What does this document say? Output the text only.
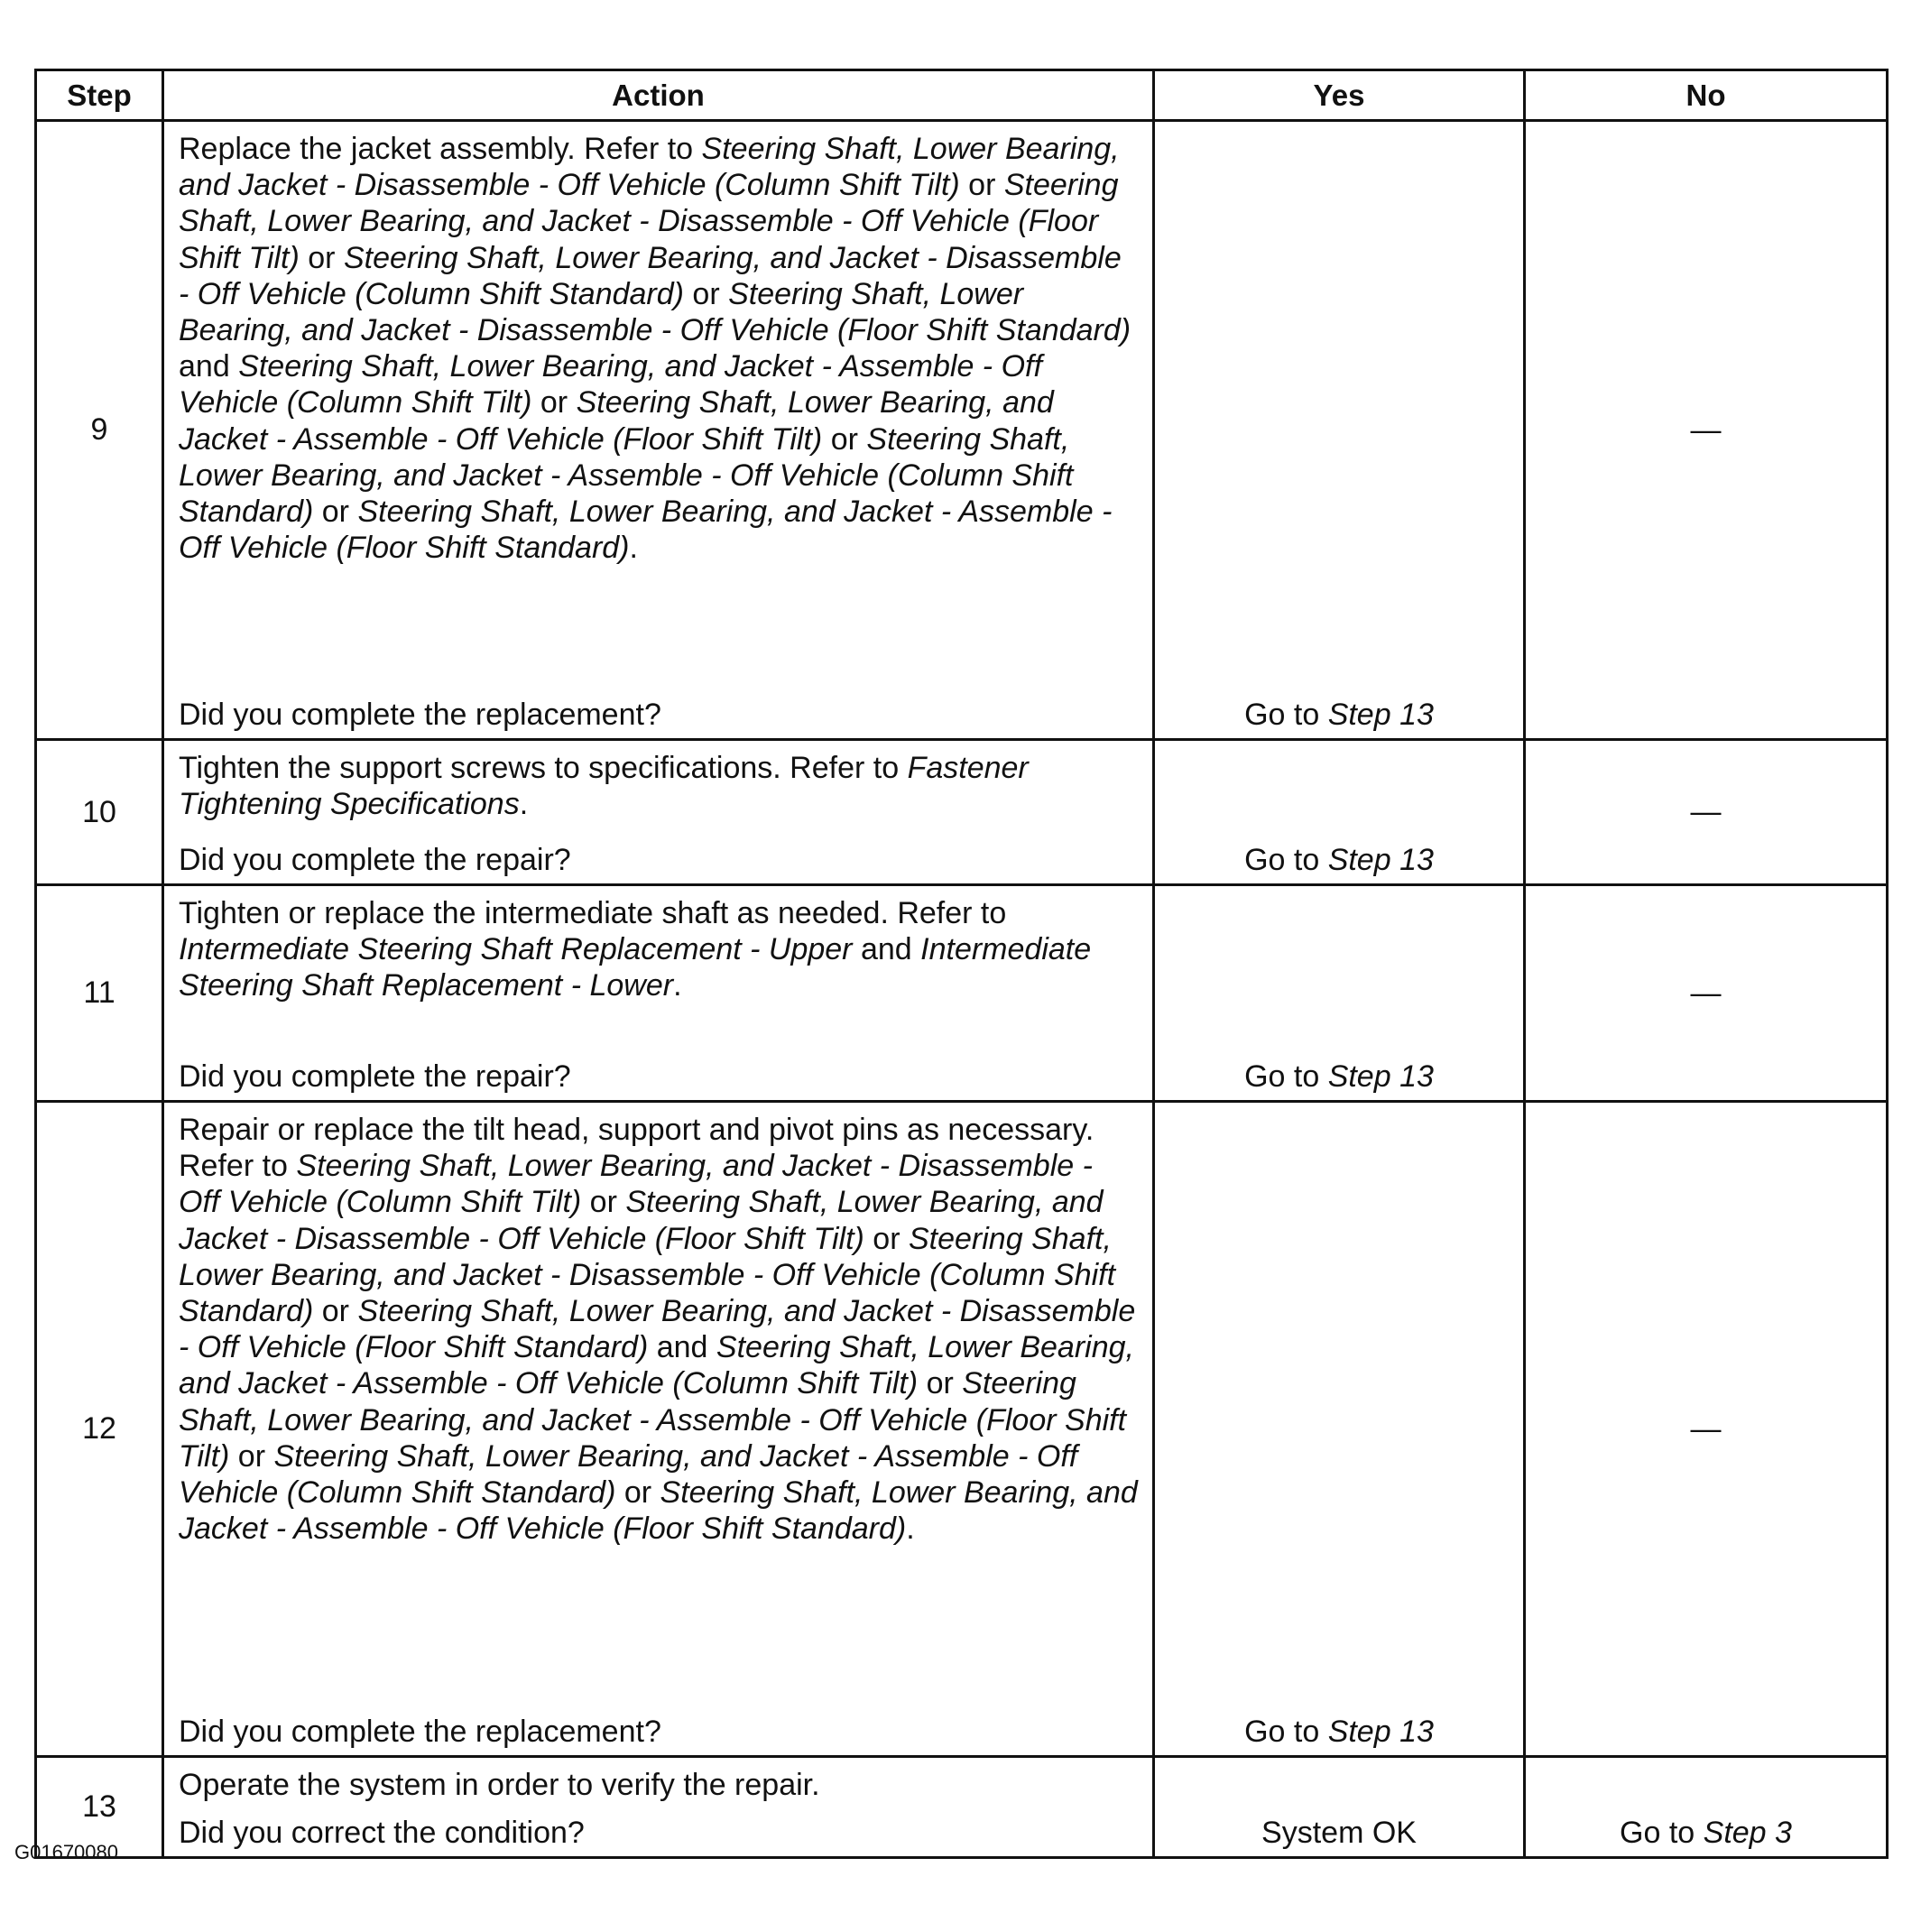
Step	Action	Yes	No
9	Replace the jacket assembly. Refer to Steering Shaft, Lower Bearing, and Jacket - Disassemble - Off Vehicle (Column Shift Tilt) or Steering Shaft, Lower Bearing, and Jacket - Disassemble - Off Vehicle (Floor Shift Tilt) or Steering Shaft, Lower Bearing, and Jacket - Disassemble - Off Vehicle (Column Shift Standard) or Steering Shaft, Lower Bearing, and Jacket - Disassemble - Off Vehicle (Floor Shift Standard) and Steering Shaft, Lower Bearing, and Jacket - Assemble - Off Vehicle (Column Shift Tilt) or Steering Shaft, Lower Bearing, and Jacket - Assemble - Off Vehicle (Floor Shift Tilt) or Steering Shaft, Lower Bearing, and Jacket - Assemble - Off Vehicle (Column Shift Standard) or Steering Shaft, Lower Bearing, and Jacket - Assemble - Off Vehicle (Floor Shift Standard).
Did you complete the replacement?	Go to Step 13	—

10	Tighten the support screws to specifications. Refer to Fastener Tightening Specifications.
Did you complete the repair?	Go to Step 13	—

11	Tighten or replace the intermediate shaft as needed. Refer to Intermediate Steering Shaft Replacement - Upper and Intermediate Steering Shaft Replacement - Lower.
Did you complete the repair?	Go to Step 13	—

12	Repair or replace the tilt head, support and pivot pins as necessary. Refer to Steering Shaft, Lower Bearing, and Jacket - Disassemble - Off Vehicle (Column Shift Tilt) or Steering Shaft, Lower Bearing, and Jacket - Disassemble - Off Vehicle (Floor Shift Tilt) or Steering Shaft, Lower Bearing, and Jacket - Disassemble - Off Vehicle (Column Shift Standard) or Steering Shaft, Lower Bearing, and Jacket - Disassemble - Off Vehicle (Floor Shift Standard) and Steering Shaft, Lower Bearing, and Jacket - Assemble - Off Vehicle (Column Shift Tilt) or Steering Shaft, Lower Bearing, and Jacket - Assemble - Off Vehicle (Floor Shift Tilt) or Steering Shaft, Lower Bearing, and Jacket - Assemble - Off Vehicle (Column Shift Standard) or Steering Shaft, Lower Bearing, and Jacket - Assemble - Off Vehicle (Floor Shift Standard).
Did you complete the replacement?	Go to Step 13	—

13	Operate the system in order to verify the repair.
Did you correct the condition?	System OK	Go to Step 3
G01670080
